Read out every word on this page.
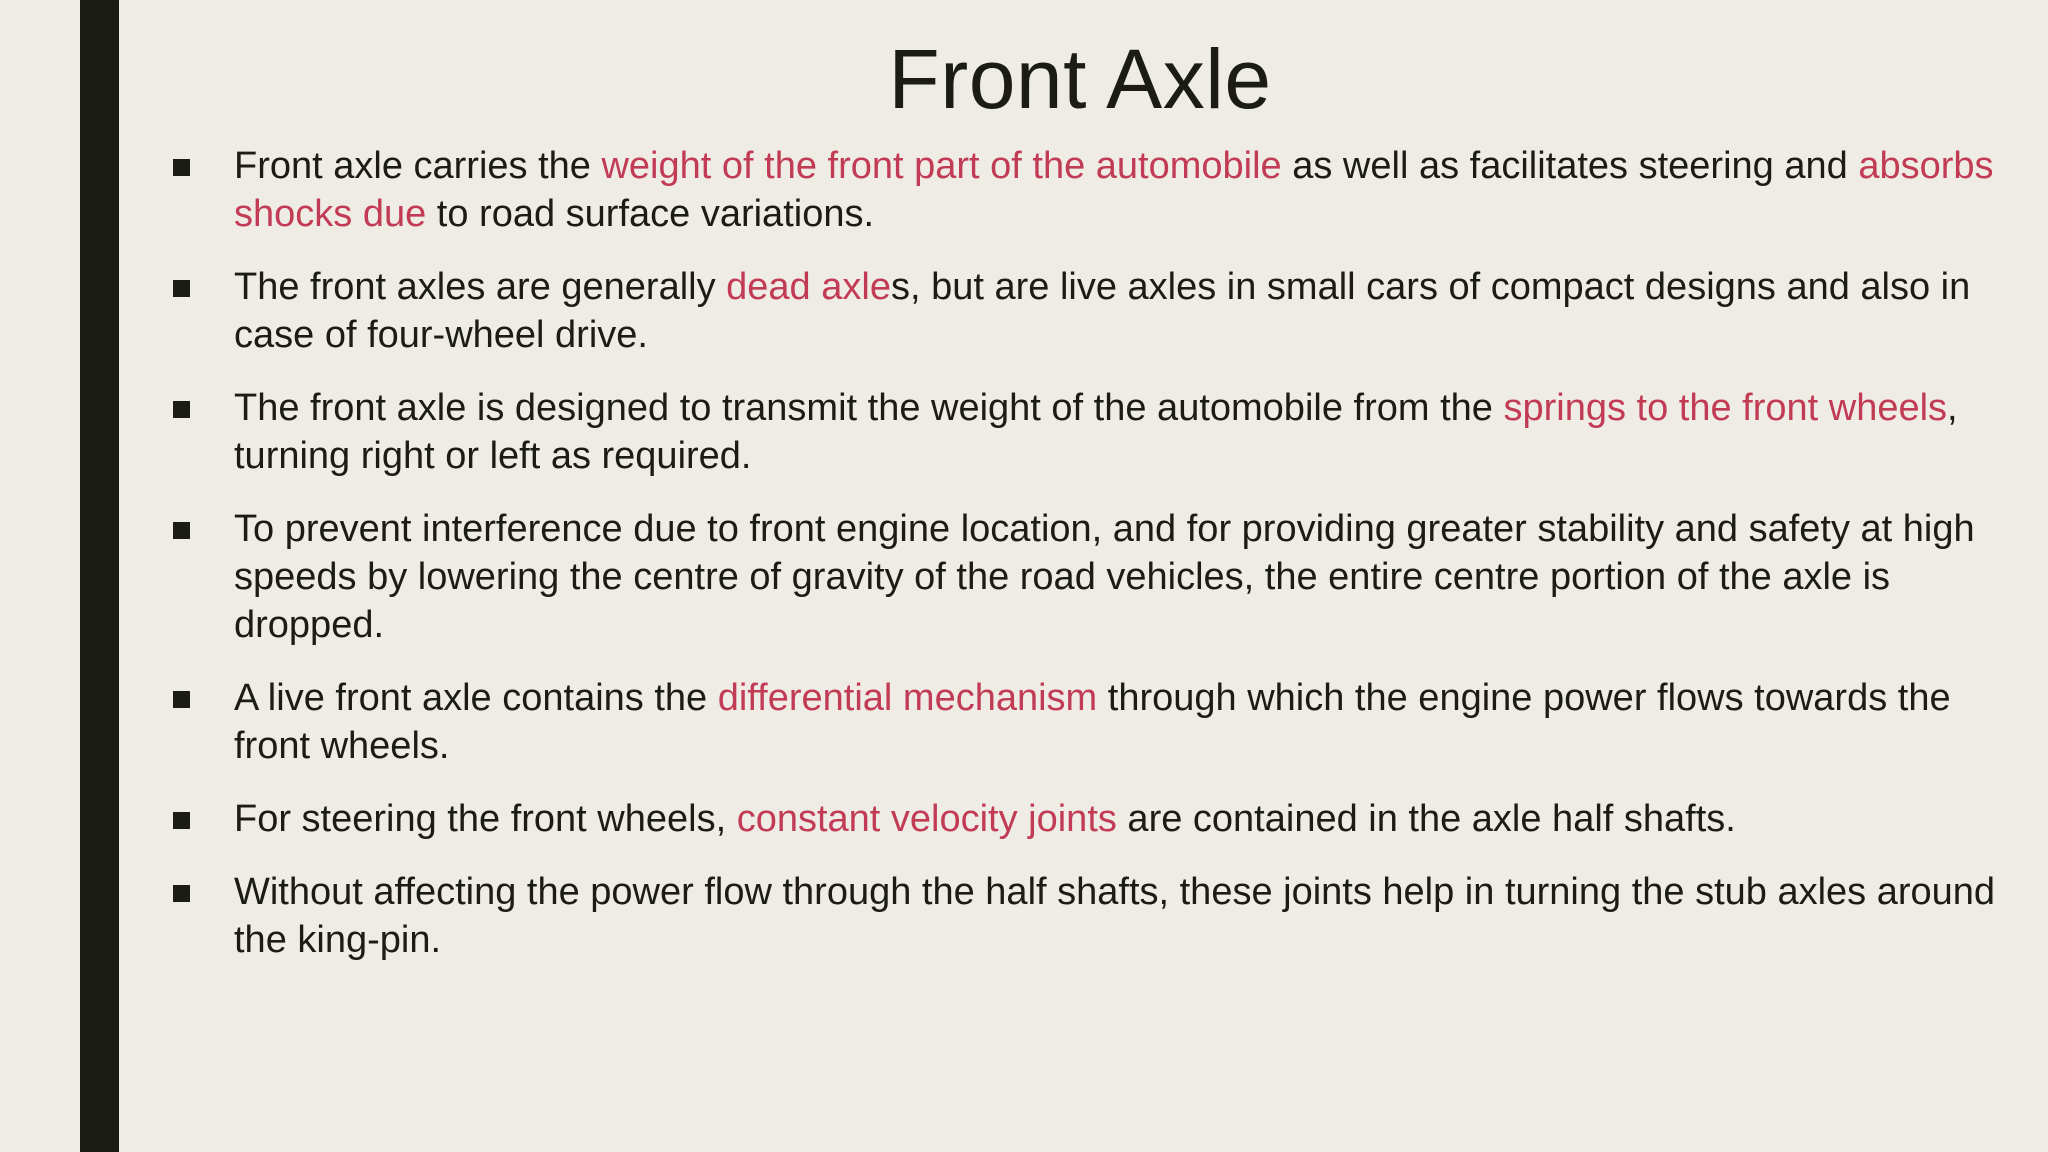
Front Axle
Front axle carries the weight of the front part of the automobile as well as facilitates steering and absorbs shocks due to road surface variations.
The front axles are generally dead axles, but are live axles in small cars of compact designs and also in case of four-wheel drive.
The front axle is designed to transmit the weight of the automobile from the springs to the front wheels, turning right or left as required.
To prevent interference due to front engine location, and for providing greater stability and safety at high speeds by lowering the centre of gravity of the road vehicles, the entire centre portion of the axle is dropped.
A live front axle contains the differential mechanism through which the engine power flows towards the front wheels.
For steering the front wheels, constant velocity joints are contained in the axle half shafts.
Without affecting the power flow through the half shafts, these joints help in turning the stub axles around the king-pin.
